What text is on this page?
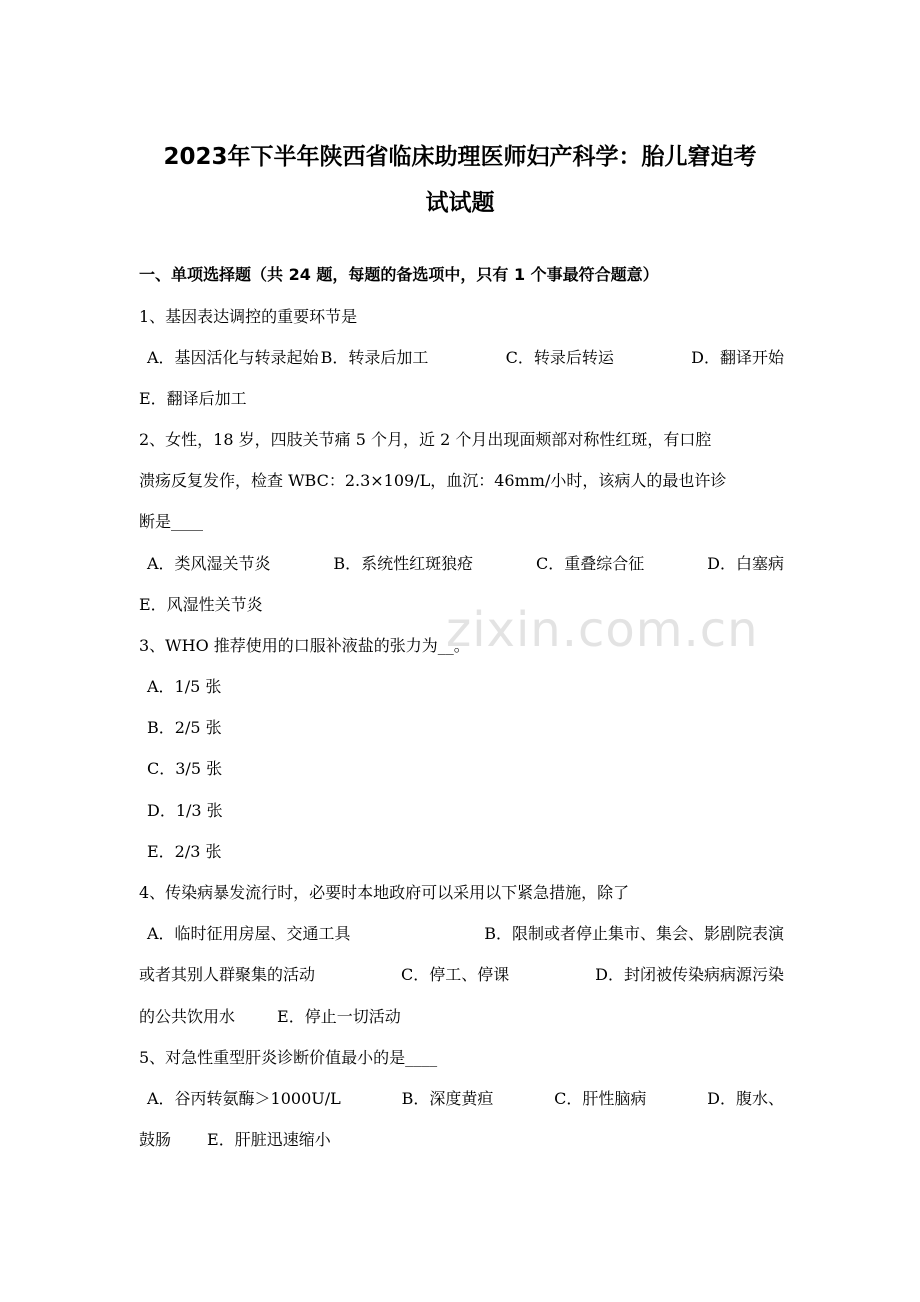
zixin.com.cn
2023年下半年陕西省临床助理医师妇产科学：胎儿窘迫考
试试题
一、单项选择题（共 24 题，每题的备选项中，只有 1 个事最符合题意）
1、基因表达调控的重要环节是
A．基因活化与转录起始 B．转录后加工	C．转录后转运	D．翻译开始
E．翻译后加工
2、女性，18 岁，四肢关节痛 5 个月，近 2 个月出现面颊部对称性红斑，有口腔
溃疡反复发作，检查 WBC：2.3×109/L，血沉：46mm/小时，该病人的最也许诊
断是____
A．类风湿关节炎	B．系统性红斑狼疮	C．重叠综合征	D．白塞病
E．风湿性关节炎
3、WHO 推荐使用的口服补液盐的张力为__。
A．1/5 张
B．2/5 张
C．3/5 张
D．1/3 张
E．2/3 张
4、传染病暴发流行时，必要时本地政府可以采用以下紧急措施，除了
A．临时征用房屋、交通工具	B．限制或者停止集市、集会、影剧院表演
或者其别人群聚集的活动	C．停工、停课	D．封闭被传染病病源污染
的公共饮用水	E．停止一切活动
5、对急性重型肝炎诊断价值最小的是____
A．谷丙转氨酶＞1000U/L	B．深度黄疸	C．肝性脑病	D．腹水、
鼓肠 E．肝脏迅速缩小
